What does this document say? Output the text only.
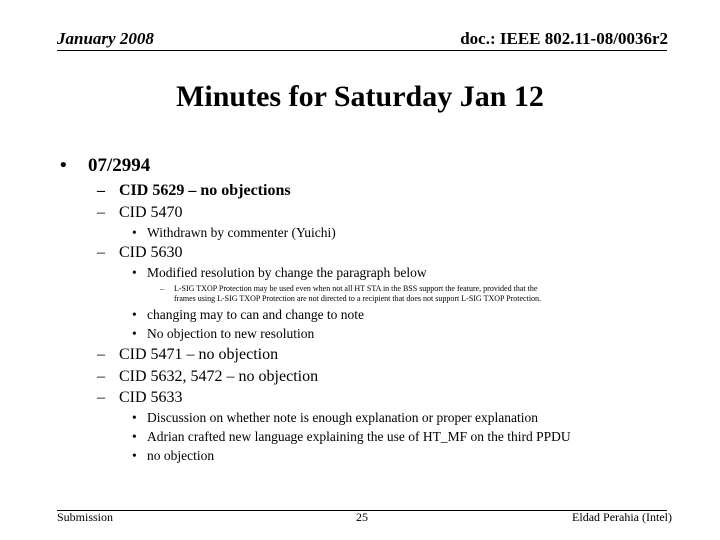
January 2008	doc.: IEEE 802.11-08/0036r2
Minutes for Saturday Jan 12
• 07/2994
– CID 5629 – no objections
– CID 5470
• Withdrawn by commenter (Yuichi)
– CID 5630
• Modified resolution by change the paragraph below
– L-SIG TXOP Protection may be used even when not all HT STA in the BSS support the feature, provided that the
frames using L-SIG TXOP Protection are not directed to a recipient that does not support L-SIG TXOP Protection.
• changing may to can and change to note
• No objection to new resolution
– CID 5471 – no objection
– CID 5632, 5472 – no objection
– CID 5633
• Discussion on whether note is enough explanation or proper explanation
• Adrian crafted new language explaining the use of HT_MF on the third PPDU
• no objection
Submission	25	Eldad Perahia (Intel)
